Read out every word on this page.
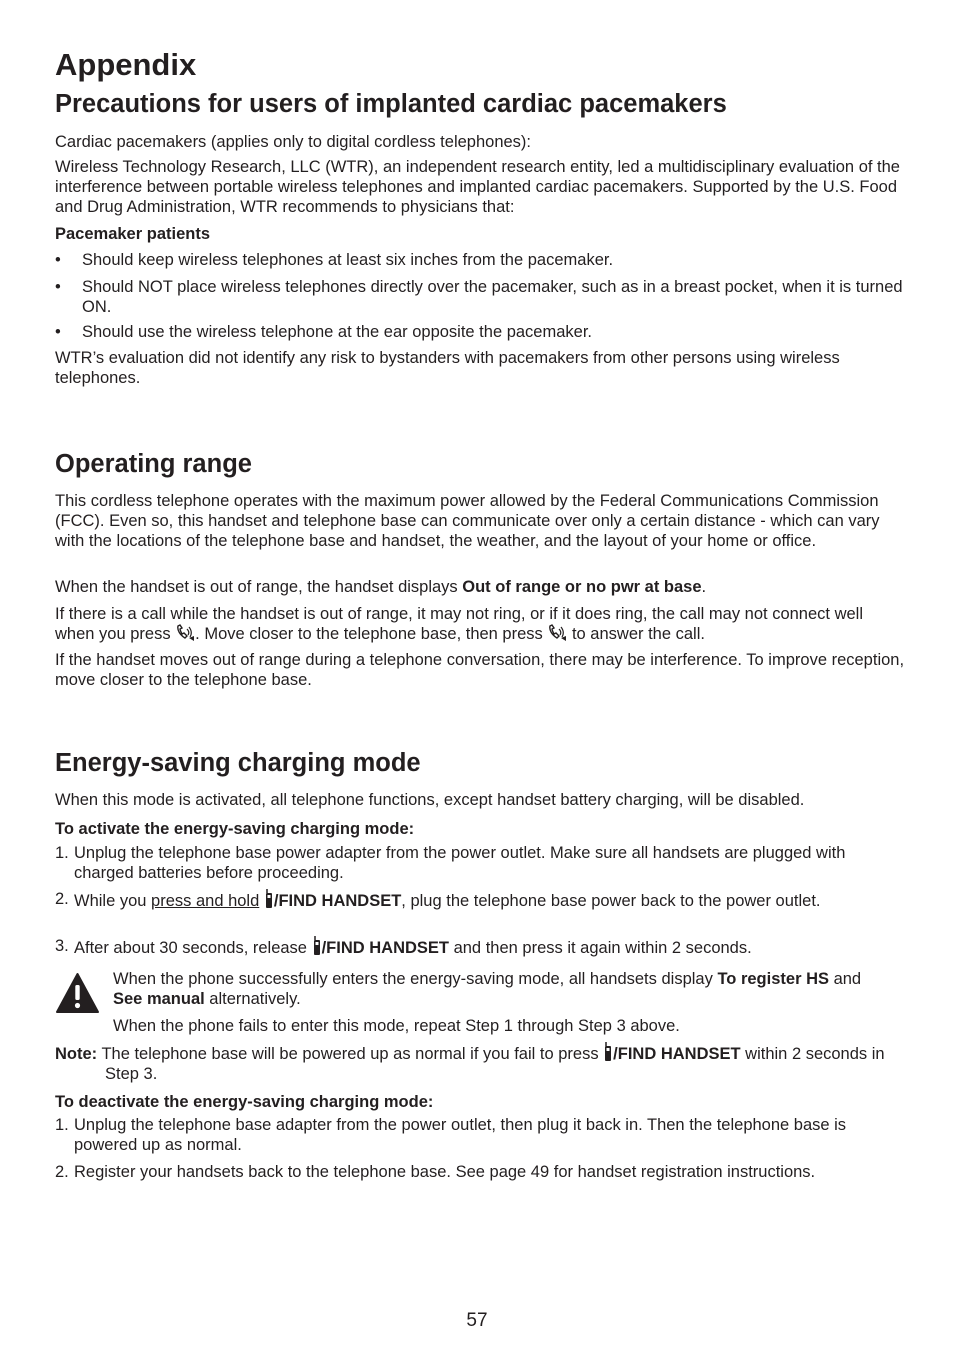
Appendix
Precautions for users of implanted cardiac pacemakers

Cardiac pacemakers (applies only to digital cordless telephones):

Wireless Technology Research, LLC (WTR), an independent research entity, led a multidisciplinary evaluation of the interference between portable wireless telephones and implanted cardiac pacemakers. Supported by the U.S. Food and Drug Administration, WTR recommends to physicians that:

Pacemaker patients

• Should keep wireless telephones at least six inches from the pacemaker.

• Should NOT place wireless telephones directly over the pacemaker, such as in a breast pocket, when it is turned ON.

• Should use the wireless telephone at the ear opposite the pacemaker.

WTR’s evaluation did not identify any risk to bystanders with pacemakers from other persons using wireless telephones.

Operating range

This cordless telephone operates with the maximum power allowed by the Federal Communications Commission (FCC). Even so, this handset and telephone base can communicate over only a certain distance - which can vary with the locations of the telephone base and handset, the weather, and the layout of your home or office.

When the handset is out of range, the handset displays Out of range or no pwr at base.

If there is a call while the handset is out of range, it may not ring, or if it does ring, the call may not connect well when you press . Move closer to the telephone base, then press  to answer the call.

If the handset moves out of range during a telephone conversation, there may be interference. To improve reception, move closer to the telephone base.

Energy-saving charging mode

When this mode is activated, all telephone functions, except handset battery charging, will be disabled.

To activate the energy-saving charging mode:

1. Unplug the telephone base power adapter from the power outlet. Make sure all handsets are plugged with charged batteries before proceeding.

2. While you press and hold /FIND HANDSET, plug the telephone base power back to the power outlet.

3. After about 30 seconds, release /FIND HANDSET and then press it again within 2 seconds.

When the phone successfully enters the energy-saving mode, all handsets display To register HS and See manual alternatively.

When the phone fails to enter this mode, repeat Step 1 through Step 3 above.

Note: The telephone base will be powered up as normal if you fail to press /FIND HANDSET within 2 seconds in Step 3.

To deactivate the energy-saving charging mode:

1. Unplug the telephone base adapter from the power outlet, then plug it back in. Then the telephone base is powered up as normal.

2. Register your handsets back to the telephone base. See page 49 for handset registration instructions.

57
